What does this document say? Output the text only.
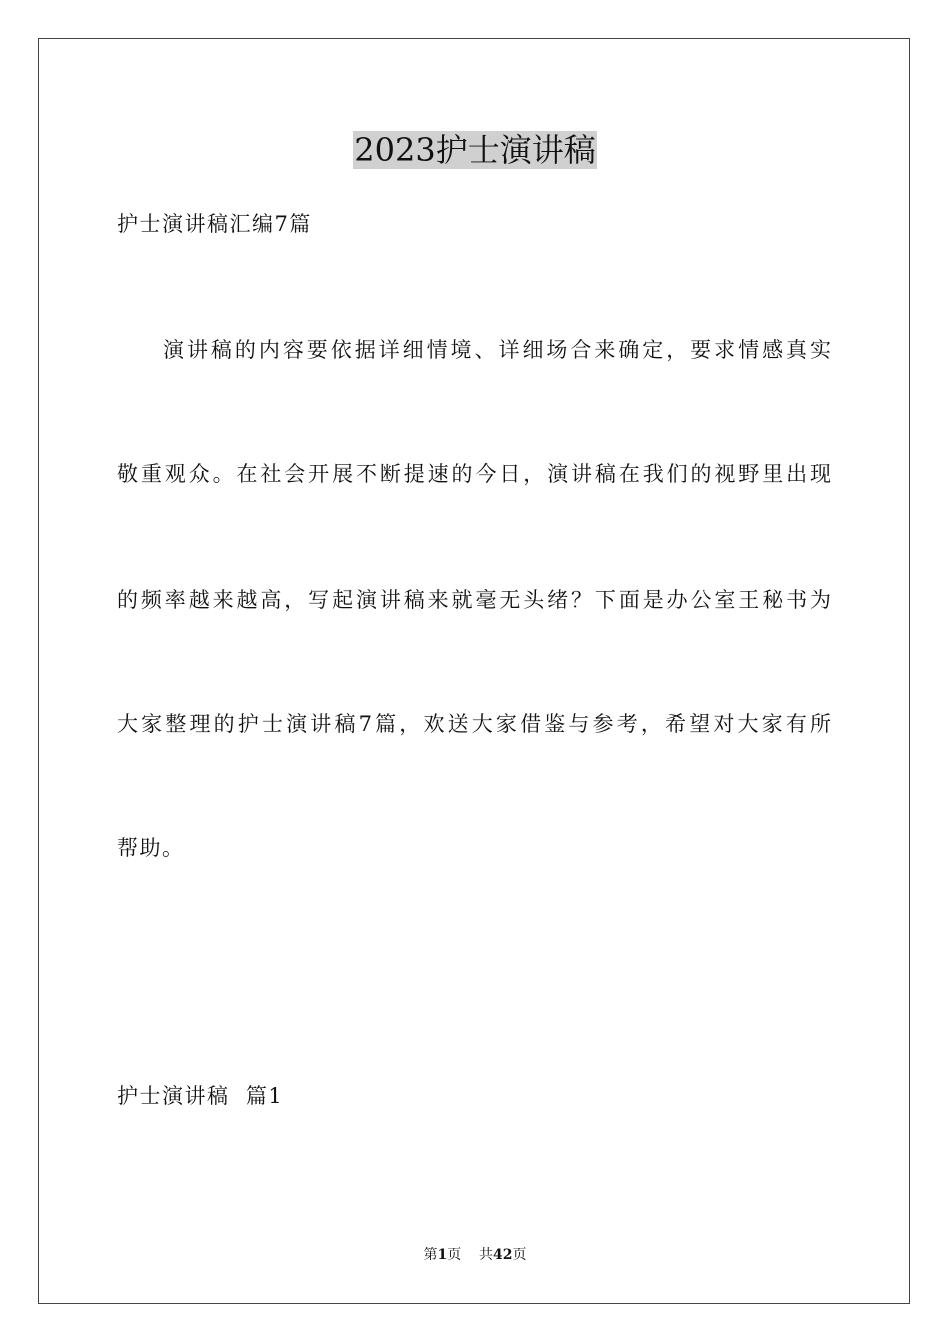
2023护士演讲稿
护士演讲稿汇编7篇
演讲稿的内容要依据详细情境、详细场合来确定，要求情感真实
敬重观众。在社会开展不断提速的今日，演讲稿在我们的视野里出现
的频率越来越高，写起演讲稿来就毫无头绪？下面是办公室王秘书为
大家整理的护士演讲稿7篇，欢送大家借鉴与参考，希望对大家有所
帮助。
护士演讲稿  篇1
第1页 共42页
